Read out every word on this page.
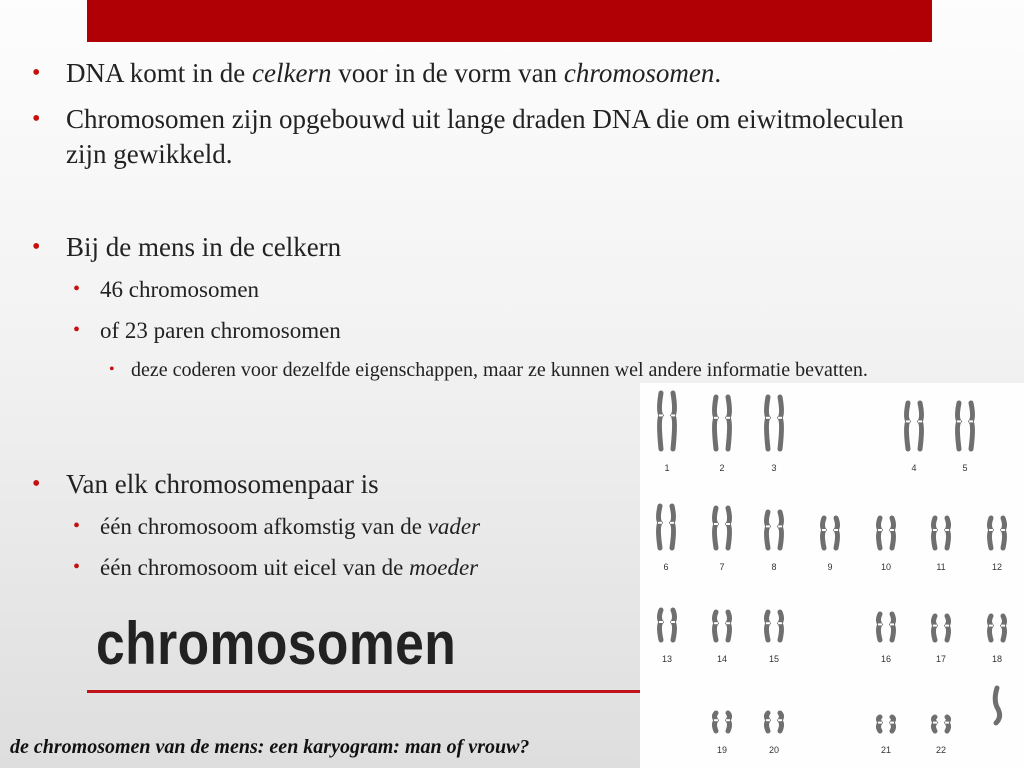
• DNA komt in de celkern voor in de vorm van chromosomen.
• Chromosomen zijn opgebouwd uit lange draden DNA die om eiwitmoleculen zijn gewikkeld.
• Bij de mens in de celkern
• 46 chromosomen
• of 23 paren chromosomen
• deze coderen voor dezelfde eigenschappen, maar ze kunnen wel andere informatie bevatten.
• Van elk chromosomenpaar is
• één chromosoom afkomstig van de vader
• één chromosoom uit eicel van de moeder
chromosomen
1	2	3	4	5
6	7	8	9	10	11	12
13	14	15	16	17	18
19	20	21	22

de chromosomen van de mens: een karyogram: man of vrouw?
